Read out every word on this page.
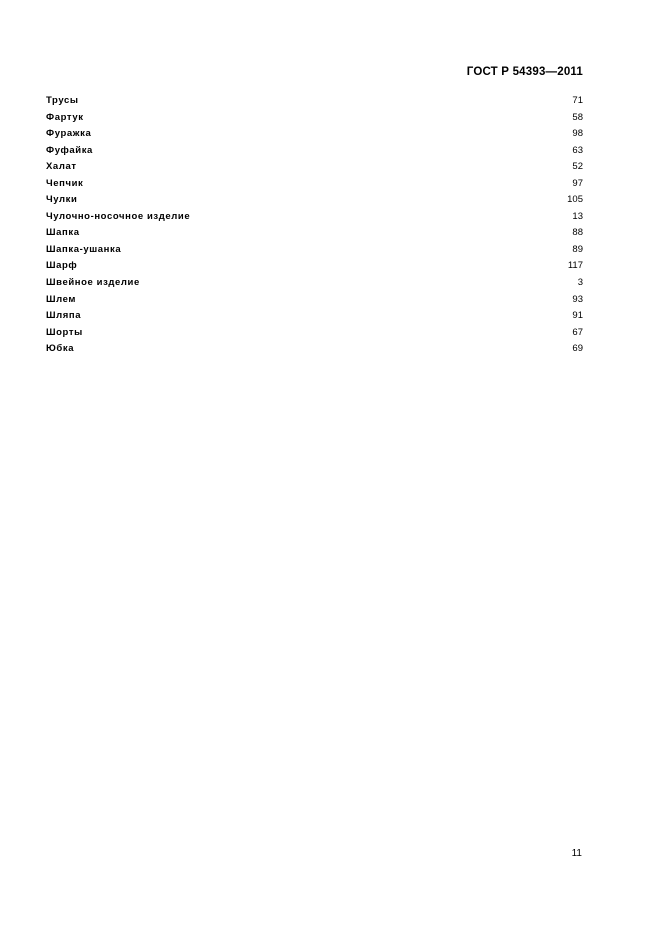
ГОСТ Р 54393—2011
Трусы	71
Фартук	58
Фуражка	98
Фуфайка	63
Халат	52
Чепчик	97
Чулки	105
Чулочно-носочное изделие	13
Шапка	88
Шапка-ушанка	89
Шарф	117
Швейное изделие	3
Шлем	93
Шляпа	91
Шорты	67
Юбка	69
11
